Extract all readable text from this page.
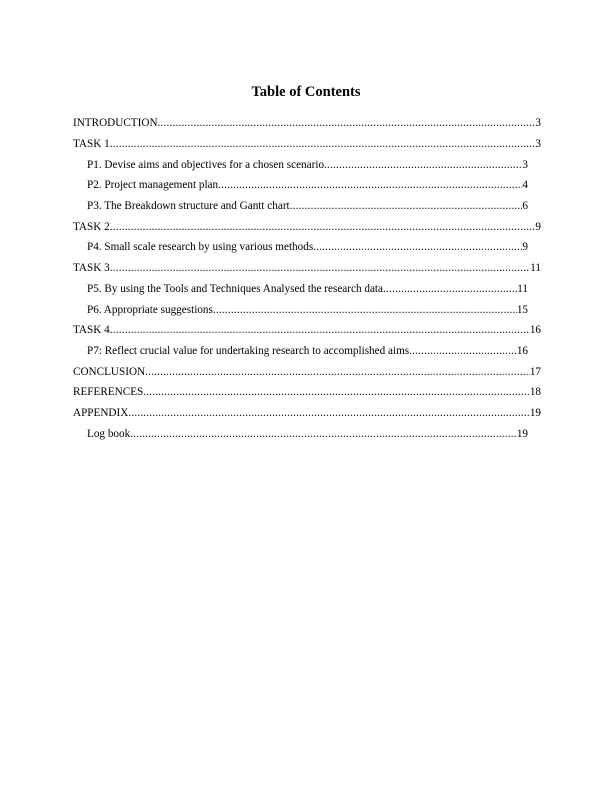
Table of Contents
INTRODUCTION .....	3
TASK 1 .....	3
P1. Devise aims and objectives for a chosen scenario .....	3
P2. Project management plan .....	4
P3. The Breakdown structure and Gantt chart .....	6
TASK 2 .....	9
P4. Small scale research by using various methods .....	9
TASK 3 .....	11
P5. By using the Tools and Techniques Analysed the research data .....	11
P6. Appropriate suggestions .....	15
TASK 4 .....	16
P7: Reflect crucial value for undertaking research to accomplished aims .....	16
CONCLUSION .....	17
REFERENCES .....	18
APPENDIX .....	19
Log book .....	19
